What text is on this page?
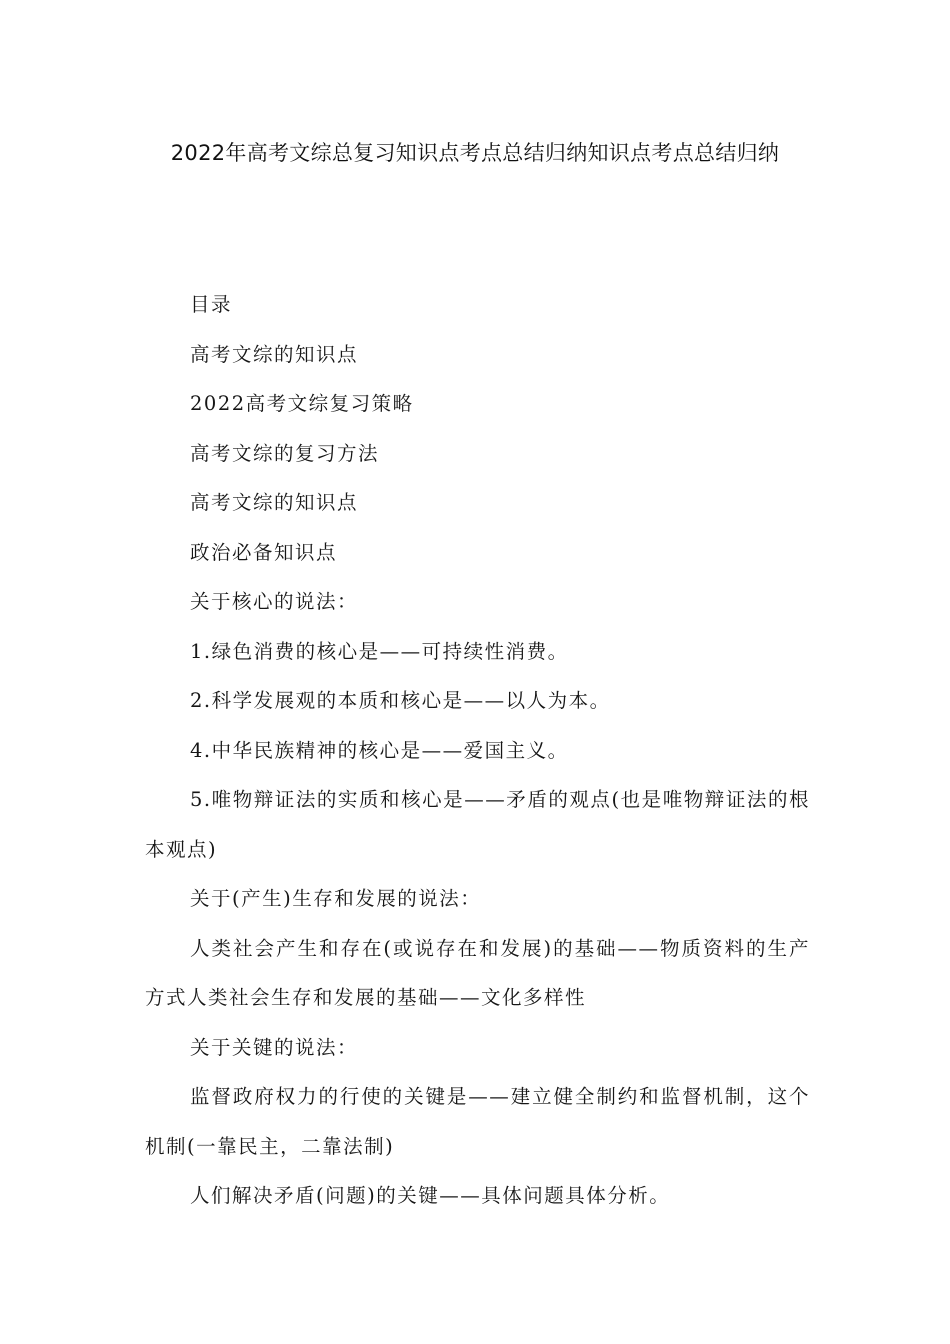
2022年高考文综总复习知识点考点总结归纳知识点考点总结归纳

目录

高考文综的知识点

2022高考文综复习策略

高考文综的复习方法

高考文综的知识点

政治必备知识点

关于核心的说法：

1.绿色消费的核心是——可持续性消费。

2.科学发展观的本质和核心是——以人为本。

4.中华民族精神的核心是——爱国主义。

5.唯物辩证法的实质和核心是——矛盾的观点(也是唯物辩证法的根本观点)

关于(产生)生存和发展的说法：

人类社会产生和存在(或说存在和发展)的基础——物质资料的生产方式人类社会生存和发展的基础——文化多样性

关于关键的说法：

监督政府权力的行使的关键是——建立健全制约和监督机制，这个机制(一靠民主，二靠法制)

人们解决矛盾(问题)的关键——具体问题具体分析。
